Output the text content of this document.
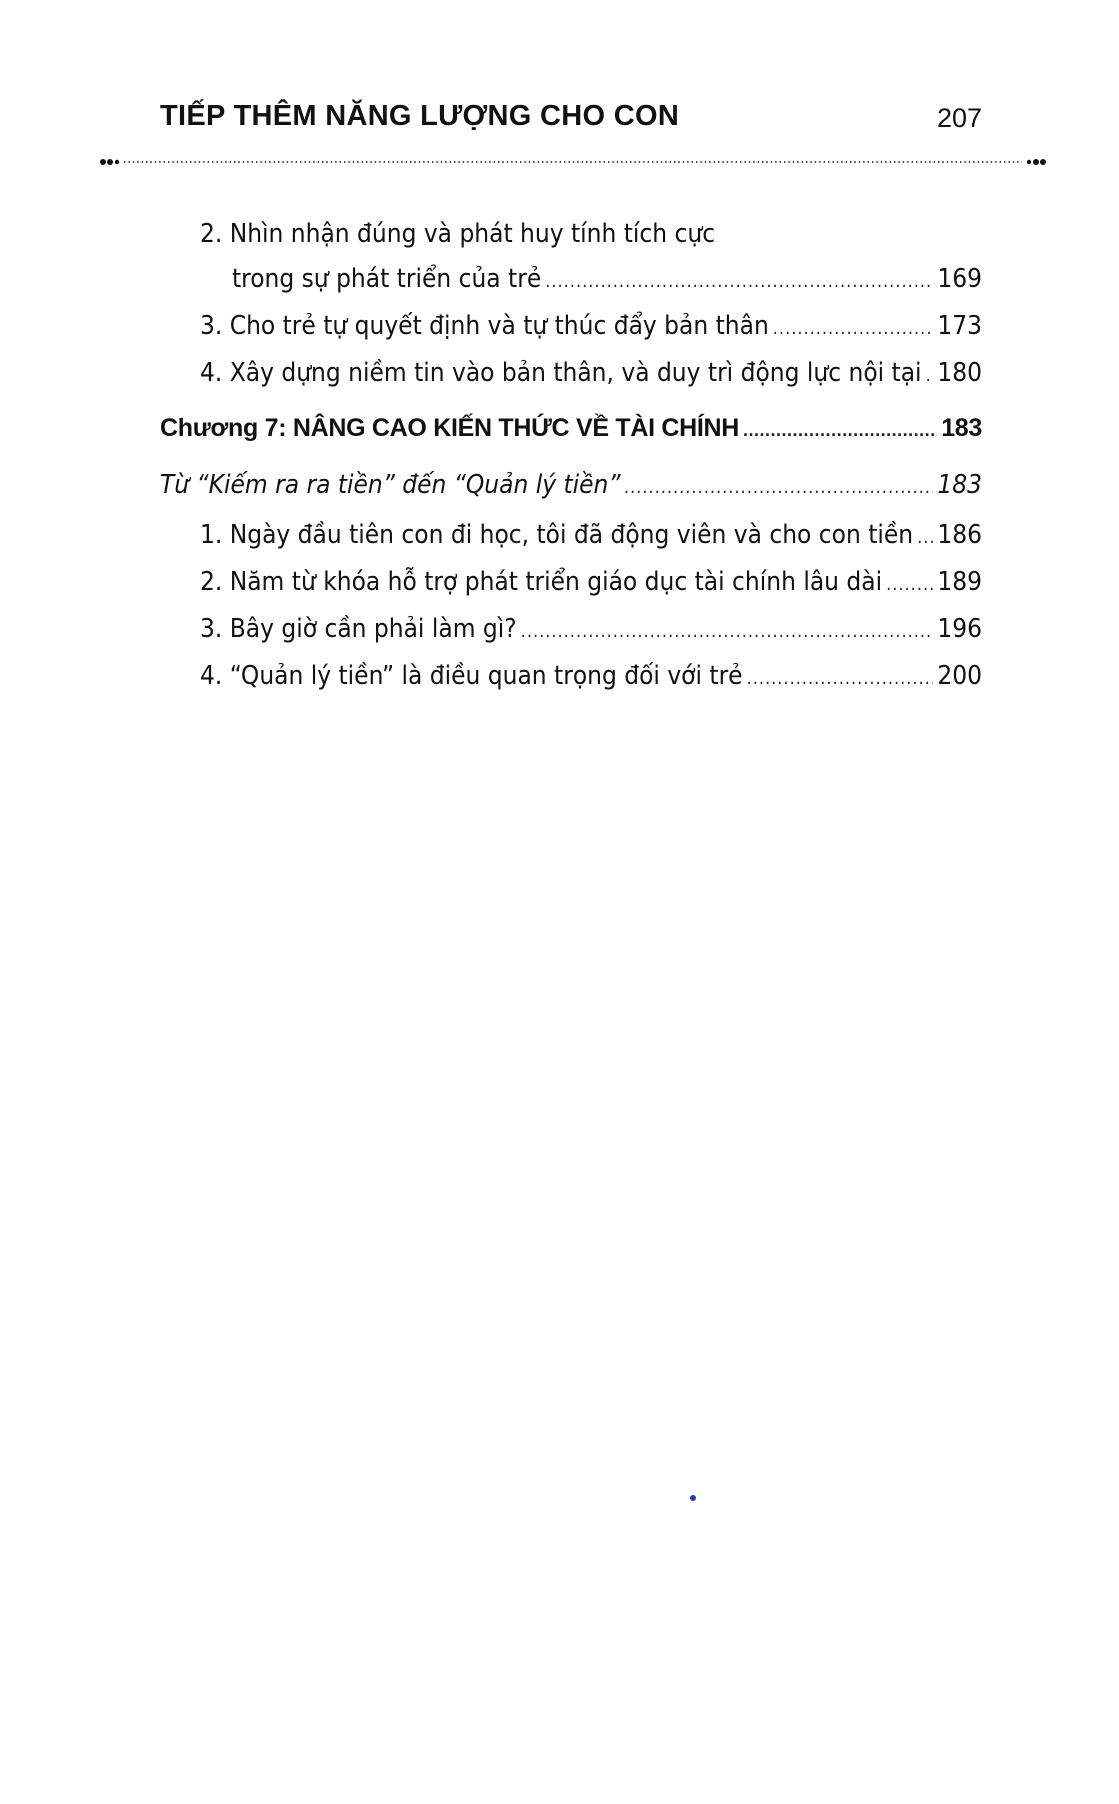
TIẾP THÊM NĂNG LƯỢNG CHO CON	207
2. Nhìn nhận đúng và phát huy tính tích cực
trong sự phát triển của trẻ .....	169
3. Cho trẻ tự quyết định và tự thúc đẩy bản thân .....	173
4. Xây dựng niềm tin vào bản thân, và duy trì động lực nội tại ..... 180
Chương 7: NÂNG CAO KIẾN THỨC VỀ TÀI CHÍNH .....	183
Từ “Kiếm ra ra tiền” đến “Quản lý tiền” .....	183
1. Ngày đầu tiên con đi học, tôi đã động viên và cho con tiền ..... 186
2. Năm từ khóa hỗ trợ phát triển giáo dục tài chính lâu dài ..... 189
3. Bây giờ cần phải làm gì? .....	196
4. “Quản lý tiền” là điều quan trọng đối với trẻ .....	200
